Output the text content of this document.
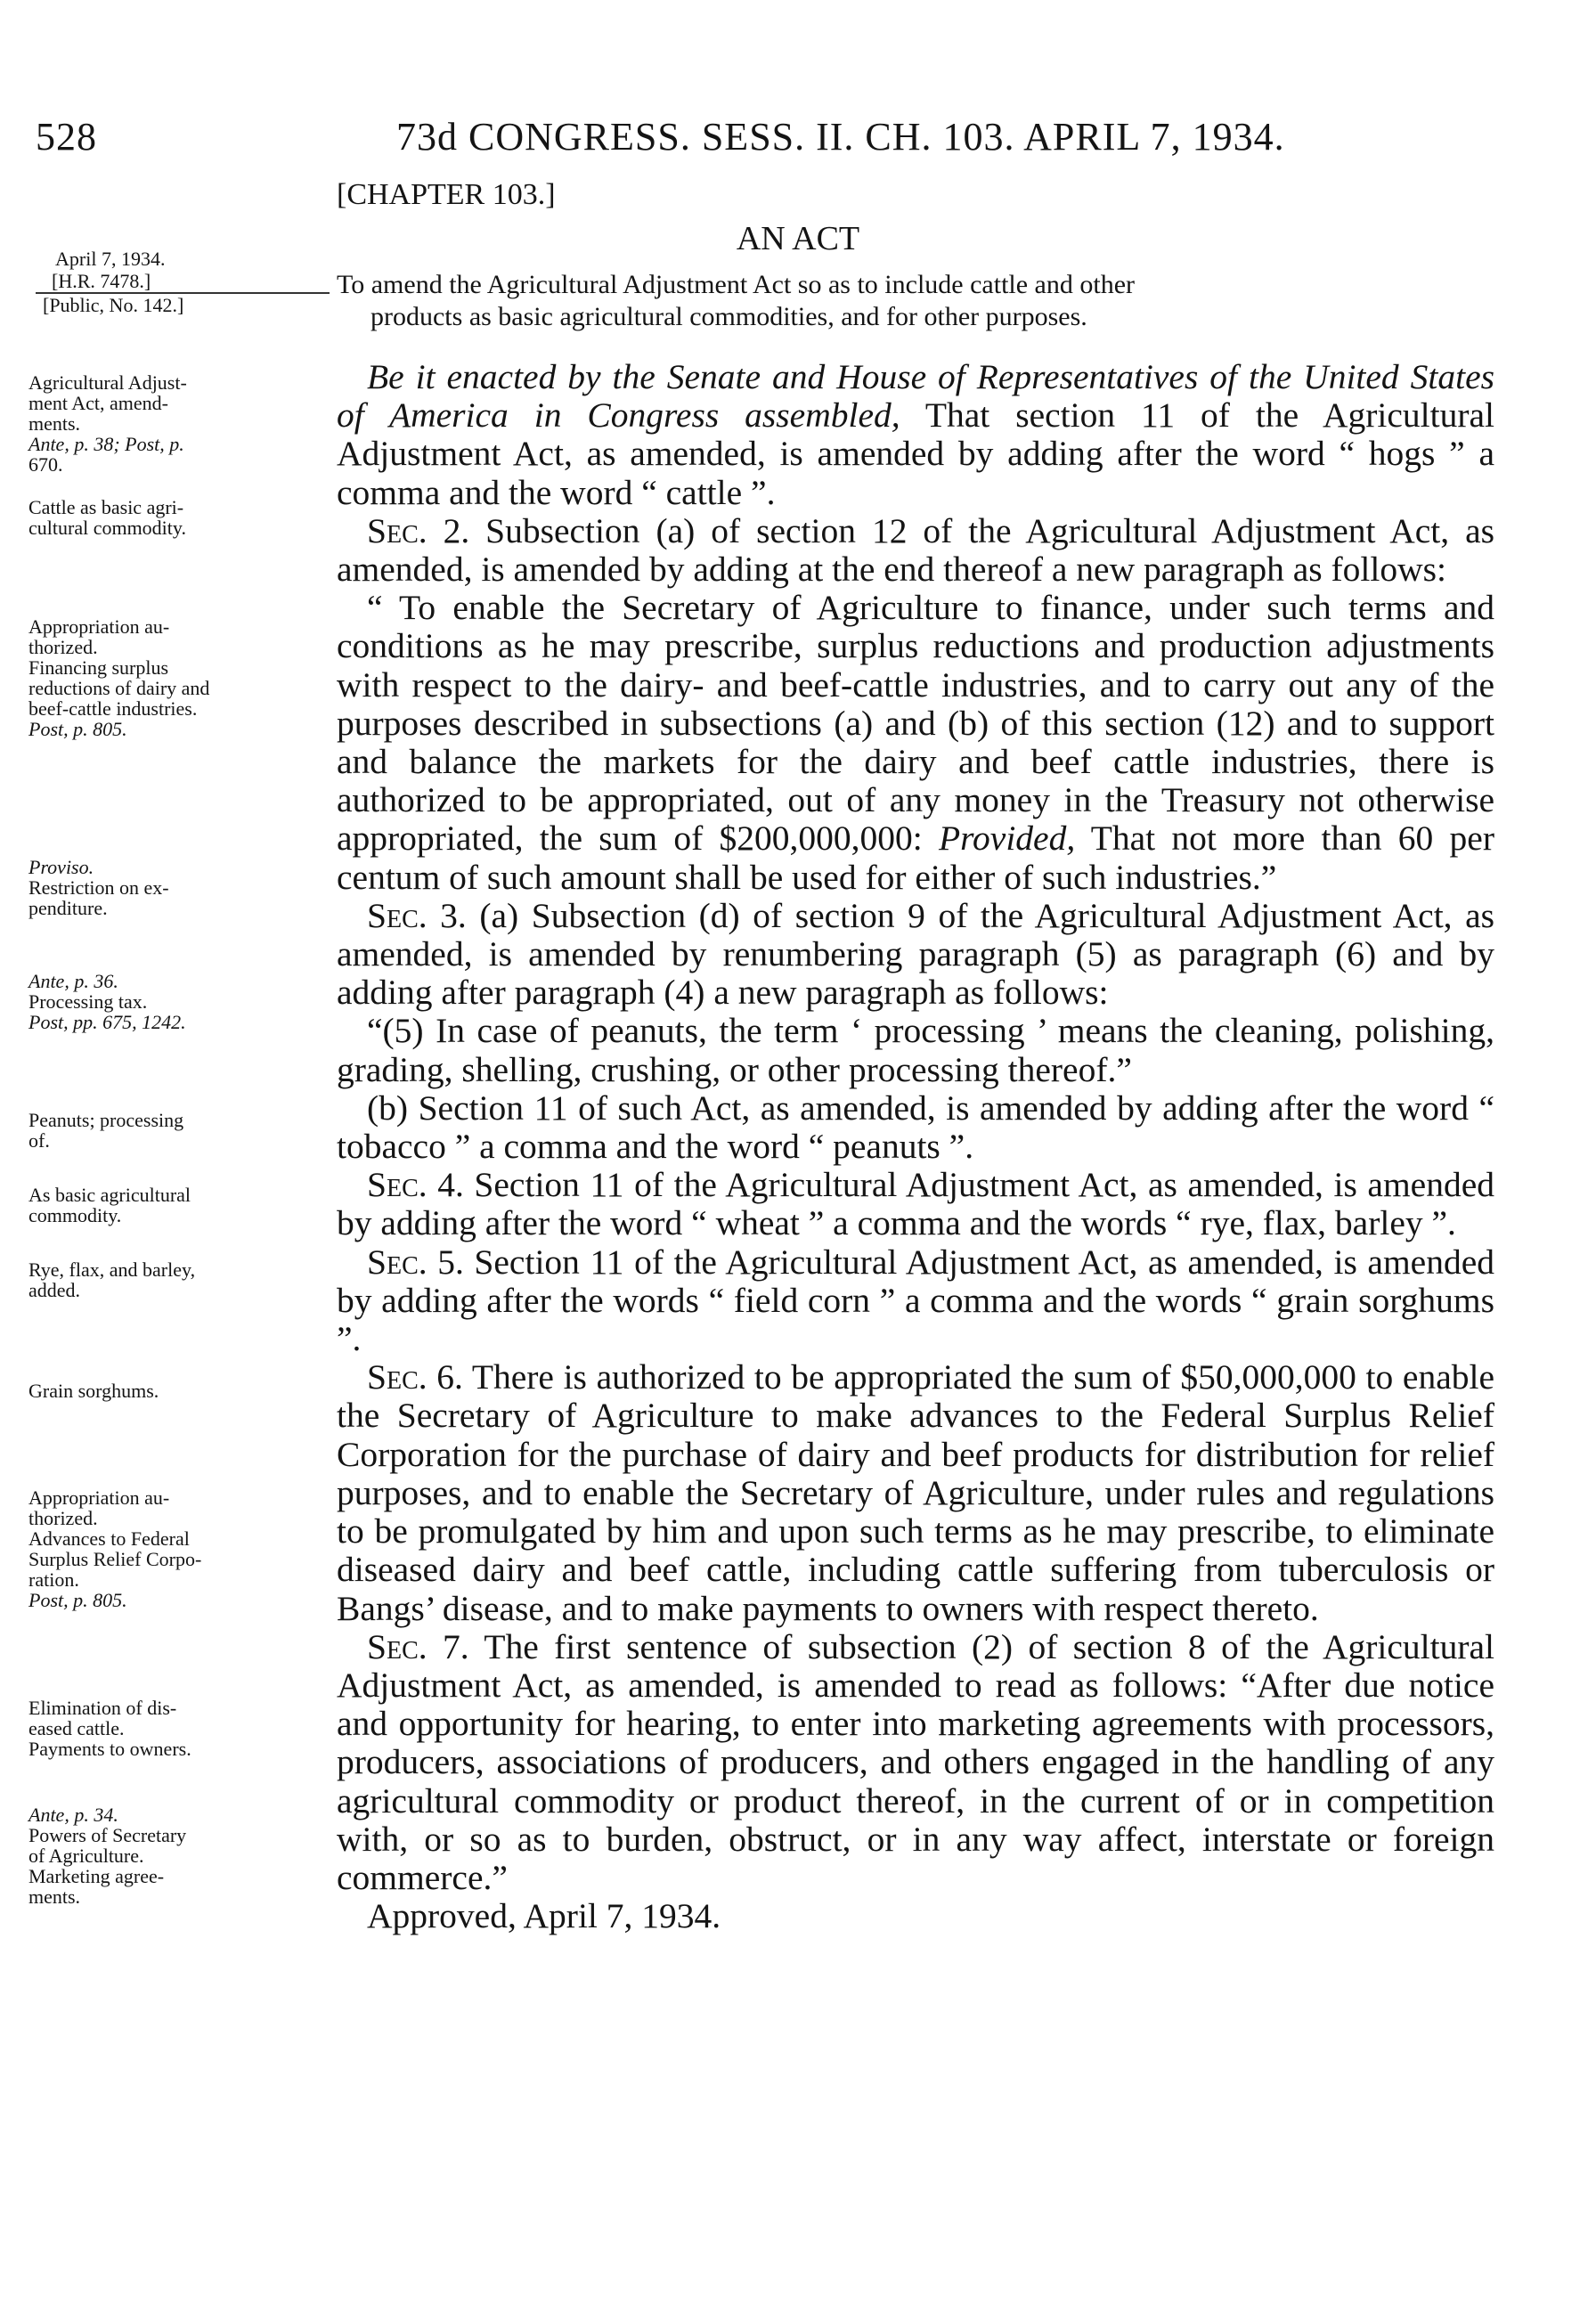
528	73d CONGRESS. SESS. II. CH. 103. APRIL 7, 1934.
[CHAPTER 103.]
AN ACT
April 7, 1934.
[H.R. 7478.]
[Public, No. 142.]
To amend the Agricultural Adjustment Act so as to include cattle and other
products as basic agricultural commodities, and for other purposes.
Agricultural Adjust-
ment Act, amend-
ments.
Ante, p. 38; Post, p.
670.
Cattle as basic agri-
cultural commodity.
Appropriation au-
thorized.
Financing surplus
reductions of dairy and
beef-cattle industries.
Post, p. 805.
Proviso.
Restriction on ex-
penditure.
Ante, p. 36.
Processing tax.
Post, pp. 675, 1242.
Peanuts; processing
of.
As basic agricultural
commodity.
Rye, flax, and barley,
added.
Grain sorghums.
Appropriation au-
thorized.
Advances to Federal
Surplus Relief Corpo-
ration.
Post, p. 805.
Elimination of dis-
eased cattle.
Payments to owners.
Ante, p. 34.
Powers of Secretary
of Agriculture.
Marketing agree-
ments.

Be it enacted by the Senate and House of Representatives of the United States of America in Congress assembled, That section 11 of the Agricultural Adjustment Act, as amended, is amended by adding after the word “ hogs ” a comma and the word “ cattle ”.

Sec. 2. Subsection (a) of section 12 of the Agricultural Adjustment Act, as amended, is amended by adding at the end thereof a new paragraph as follows:

“ To enable the Secretary of Agriculture to finance, under such terms and conditions as he may prescribe, surplus reductions and production adjustments with respect to the dairy- and beef-cattle industries, and to carry out any of the purposes described in subsections (a) and (b) of this section (12) and to support and balance the markets for the dairy and beef cattle industries, there is authorized to be appropriated, out of any money in the Treasury not otherwise appropriated, the sum of $200,000,000: Provided, That not more than 60 per centum of such amount shall be used for either of such industries.”

Sec. 3. (a) Subsection (d) of section 9 of the Agricultural Adjustment Act, as amended, is amended by renumbering paragraph (5) as paragraph (6) and by adding after paragraph (4) a new paragraph as follows:

“(5) In case of peanuts, the term ‘ processing ’ means the cleaning, polishing, grading, shelling, crushing, or other processing thereof.”

(b) Section 11 of such Act, as amended, is amended by adding after the word “ tobacco ” a comma and the word “ peanuts ”.

Sec. 4. Section 11 of the Agricultural Adjustment Act, as amended, is amended by adding after the word “ wheat ” a comma and the words “ rye, flax, barley ”.

Sec. 5. Section 11 of the Agricultural Adjustment Act, as amended, is amended by adding after the words “ field corn ” a comma and the words “ grain sorghums ”.

Sec. 6. There is authorized to be appropriated the sum of $50,000,000 to enable the Secretary of Agriculture to make advances to the Federal Surplus Relief Corporation for the purchase of dairy and beef products for distribution for relief purposes, and to enable the Secretary of Agriculture, under rules and regulations to be promulgated by him and upon such terms as he may prescribe, to eliminate diseased dairy and beef cattle, including cattle suffering from tuberculosis or Bangs’ disease, and to make payments to owners with respect thereto.

Sec. 7. The first sentence of subsection (2) of section 8 of the Agricultural Adjustment Act, as amended, is amended to read as follows: “After due notice and opportunity for hearing, to enter into marketing agreements with processors, producers, associations of producers, and others engaged in the handling of any agricultural commodity or product thereof, in the current of or in competition with, or so as to burden, obstruct, or in any way affect, interstate or foreign commerce.”

Approved, April 7, 1934.
